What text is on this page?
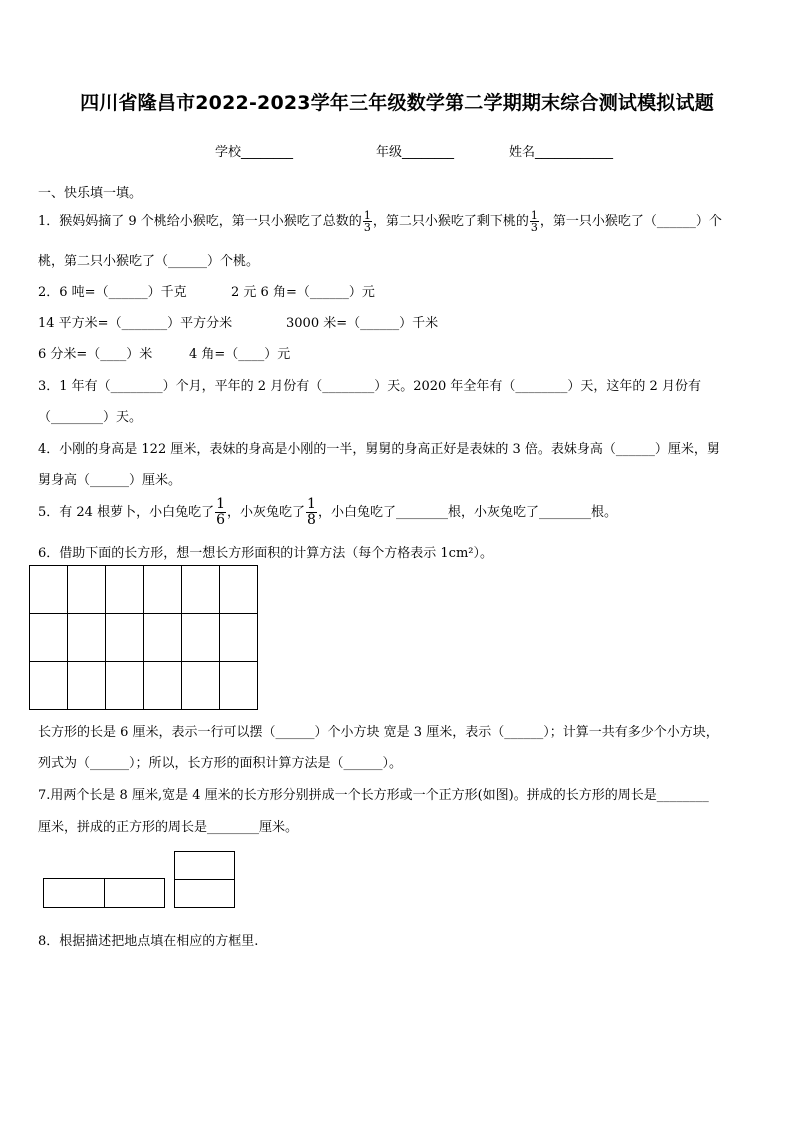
四川省隆昌市2022-2023学年三年级数学第二学期期末综合测试模拟试题
学校________	年级________	姓名____________
一、快乐填一填。
1．猴妈妈摘了 9 个桃给小猴吃，第一只小猴吃了总数的 $\frac{1}{3}$ ，第二只小猴吃了剩下桃的 $\frac{1}{3}$ ，第一只小猴吃了（______）个
桃，第二只小猴吃了（______）个桃。
2．6 吨=（______）千克	2 元 6 角=（______）元
14 平方米=（_______）平方分米	3000 米=（______）千米
6 分米=（____）米	4 角=（____）元
3．1 年有（________）个月，平年的 2 月份有（________）天。2020 年全年有（________）天，这年的 2 月份有
（________）天。
4．小刚的身高是 122 厘米，表妹的身高是小刚的一半，舅舅的身高正好是表妹的 3 倍。表妹身高（______）厘米，舅
舅身高（______）厘米。
5．有 24 根萝卜，小白兔吃了 $\frac{1}{6}$ ，小灰兔吃了 $\frac{1}{8}$ ，小白兔吃了________根，小灰兔吃了________根。
6．借助下面的长方形，想一想长方形面积的计算方法（每个方格表示 1cm²）。

长方形的长是 6 厘米，表示一行可以摆（______）个小方块 宽是 3 厘米，表示（______）；计算一共有多少个小方块，
列式为（______）；所以，长方形的面积计算方法是（______）。
7.用两个长是 8 厘米,宽是 4 厘米的长方形分别拼成一个长方形或一个正方形(如图)。拼成的长方形的周长是________
厘米，拼成的正方形的周长是________厘米。
8．根据描述把地点填在相应的方框里.
